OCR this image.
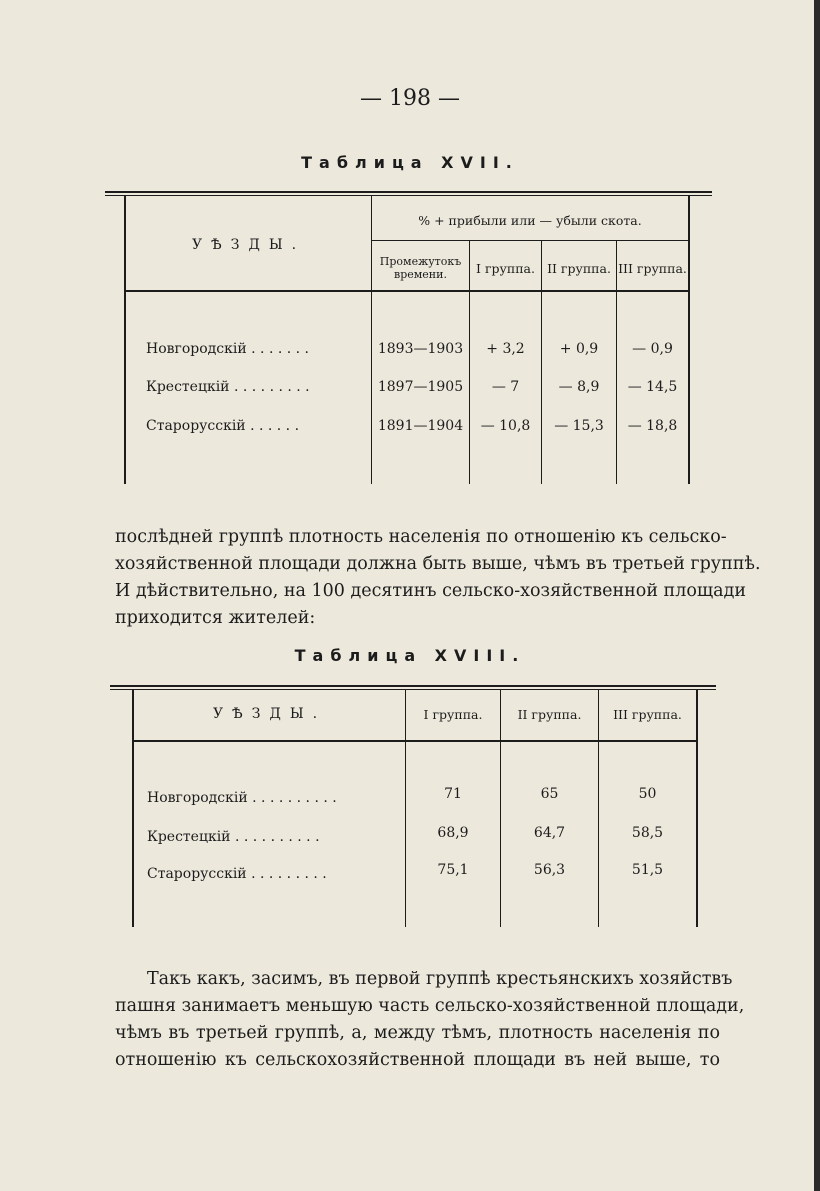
— 198 —
Таблица XVII.
УѢЗДЫ.
% + прибыли или — убыли скота.
Промежутокъ времени.	I группа. II группа. III группа.
Новгородскій . . . . . . .	1893—1903	+ 3,2	+ 0,9	— 0,9
Крестецкій . . . . . . . . .	1897—1905	— 7	— 8,9	— 14,5
Старорусскій . . . . . .	1891—1904	— 10,8	— 15,3	— 18,8
послѣдней группѣ плотность населенія по отношенію къ сельско-
хозяйственной площади должна быть выше, чѣмъ въ третьей группѣ.
И дѣйствительно, на 100 десятинъ сельско-хозяйственной площади
приходится жителей:
Таблица XVIII.
УѢЗДЫ.	I группа.	II группа.	III группа.
Новгородскій . . . . . . . . . .	71	65	50
Крестецкій . . . . . . . . . .	68,9	64,7	58,5
Старорусскій . . . . . . . . .	75,1	56,3	51,5
Такъ какъ, засимъ, въ первой группѣ крестьянскихъ хозяйствъ
пашня занимаетъ меньшую часть сельско-хозяйственной площади,
чѣмъ въ третьей группѣ, а, между тѣмъ, плотность населенія по
отношенію къ сельскохозяйственной площади въ ней выше, то
